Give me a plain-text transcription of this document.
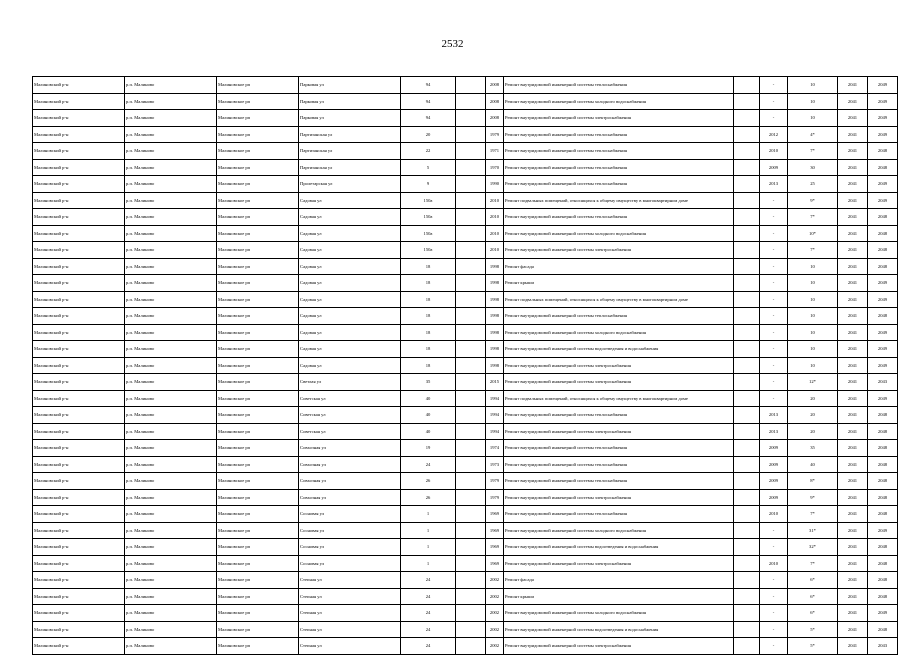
2532
Малиновский р-н	р.п. Малиново	Малиновское рп	Парковая ул	94		2008	Ремонт внутридомовой инженерной системы теплоснабжения		-	10	2041	2049
Малиновский р-н	р.п. Малиново	Малиновское рп	Парковая ул	94		2008	Ремонт внутридомовой инженерной системы холодного водоснабжения		-	10	2041	2049
Малиновский р-н	р.п. Малиново	Малиновское рп	Парковая ул	94		2008	Ремонт внутридомовой инженерной системы электроснабжения		-	10	2041	2049
Малиновский р-н	р.п. Малиново	Малиновское рп	Партизанская ул	20		1979	Ремонт внутридомовой инженерной системы теплоснабжения		2012	4*	2041	2049
Малиновский р-н	р.п. Малиново	Малиновское рп	Партизанская ул	22		1971	Ремонт внутридомовой инженерной системы теплоснабжения		2010	7*	2041	2048
Малиновский р-н	р.п. Малиново	Малиновское рп	Партизанская ул	5		1970	Ремонт внутридомовой инженерной системы теплоснабжения		2009	30	2041	2048
Малиновский р-н	р.п. Малиново	Малиновское рп	Пролетарская ул	9		1990	Ремонт внутридомовой инженерной системы теплоснабжения		2013	25	2041	2049
Малиновский р-н	р.п. Малиново	Малиновское рп	Садовая ул	150а		2010	Ремонт подвальных помещений, относящихся к общему имуществу в многоквартирном доме		-	9*	2041	2049
Малиновский р-н	р.п. Малиново	Малиновское рп	Садовая ул	150а		2010	Ремонт внутридомовой инженерной системы теплоснабжения		-	7*	2041	2048
Малиновский р-н	р.п. Малиново	Малиновское рп	Садовая ул	150а		2010	Ремонт внутридомовой инженерной системы холодного водоснабжения		-	10*	2041	2048
Малиновский р-н	р.п. Малиново	Малиновское рп	Садовая ул	150а		2010	Ремонт внутридомовой инженерной системы электроснабжения		-	7*	2041	2048
Малиновский р-н	р.п. Малиново	Малиновское рп	Садовая ул	18		1998	Ремонт фасада		-	10	2041	2048
Малиновский р-н	р.п. Малиново	Малиновское рп	Садовая ул	18		1998	Ремонт крыши		-	10	2041	2049
Малиновский р-н	р.п. Малиново	Малиновское рп	Садовая ул	18		1998	Ремонт подвальных помещений, относящихся к общему имуществу в многоквартирном доме		-	10	2041	2049
Малиновский р-н	р.п. Малиново	Малиновское рп	Садовая ул	18		1998	Ремонт внутридомовой инженерной системы теплоснабжения		-	10	2041	2048
Малиновский р-н	р.п. Малиново	Малиновское рп	Садовая ул	18		1998	Ремонт внутридомовой инженерной системы холодного водоснабжения		-	10	2041	2049
Малиновский р-н	р.п. Малиново	Малиновское рп	Садовая ул	18		1998	Ремонт внутридомовой инженерной системы водоотведения и водоснабжения		-	10	2041	2049
Малиновский р-н	р.п. Малиново	Малиновское рп	Садовая ул	18		1998	Ремонт внутридомовой инженерной системы электроснабжения		-	10	2041	2049
Малиновский р-н	р.п. Малиново	Малиновское рп	Светлая ул	35		2015	Ремонт внутридомовой инженерной системы электроснабжения		-	12*	2041	2043
Малиновский р-н	р.п. Малиново	Малиновское рп	Советская ул	40		1994	Ремонт подвальных помещений, относящихся к общему имуществу в многоквартирном доме		-	20	2041	2049
Малиновский р-н	р.п. Малиново	Малиновское рп	Советская ул	40		1994	Ремонт внутридомовой инженерной системы теплоснабжения		2013	20	2041	2048
Малиновский р-н	р.п. Малиново	Малиновское рп	Советская ул	40		1994	Ремонт внутридомовой инженерной системы электроснабжения		2013	20	2041	2048
Малиновский р-н	р.п. Малиново	Малиновское рп	Совхозная ул	19		1974	Ремонт внутридомовой инженерной системы теплоснабжения		2009	35	2041	2048
Малиновский р-н	р.п. Малиново	Малиновское рп	Совхозная ул	24		1973	Ремонт внутридомовой инженерной системы теплоснабжения		2009	40	2041	2048
Малиновский р-н	р.п. Малиново	Малиновское рп	Совхозная ул	26		1979	Ремонт внутридомовой инженерной системы теплоснабжения		2009	8*	2041	2048
Малиновский р-н	р.п. Малиново	Малиновское рп	Совхозная ул	26		1979	Ремонт внутридомовой инженерной системы электроснабжения		2009	9*	2041	2048
Малиновский р-н	р.п. Малиново	Малиновское рп	Сосновая ул	1		1969	Ремонт внутридомовой инженерной системы теплоснабжения		2010	7*	2041	2048
Малиновский р-н	р.п. Малиново	Малиновское рп	Сосновая ул	1		1969	Ремонт внутридомовой инженерной системы холодного водоснабжения		-	31*	2041	2049
Малиновский р-н	р.п. Малиново	Малиновское рп	Сосновая ул	1		1969	Ремонт внутридомовой инженерной системы водоотведения и водоснабжения		-	32*	2041	2048
Малиновский р-н	р.п. Малиново	Малиновское рп	Сосновая ул	1		1969	Ремонт внутридомовой инженерной системы электроснабжения		2010	7*	2041	2048
Малиновский р-н	р.п. Малиново	Малиновское рп	Степная ул	24		2002	Ремонт фасада		-	6*	2041	2048
Малиновский р-н	р.п. Малиново	Малиновское рп	Степная ул	24		2002	Ремонт крыши		-	6*	2041	2048
Малиновский р-н	р.п. Малиново	Малиновское рп	Степная ул	24		2002	Ремонт внутридомовой инженерной системы холодного водоснабжения		-	6*	2041	2049
Малиновский р-н	р.п. Малиново	Малиновское рп	Степная ул	24		2002	Ремонт внутридомовой инженерной системы водоотведения и водоснабжения		-	5*	2041	2048
Малиновский р-н	р.п. Малиново	Малиновское рп	Степная ул	24		2002	Ремонт внутридомовой инженерной системы электроснабжения		-	5*	2041	2043
